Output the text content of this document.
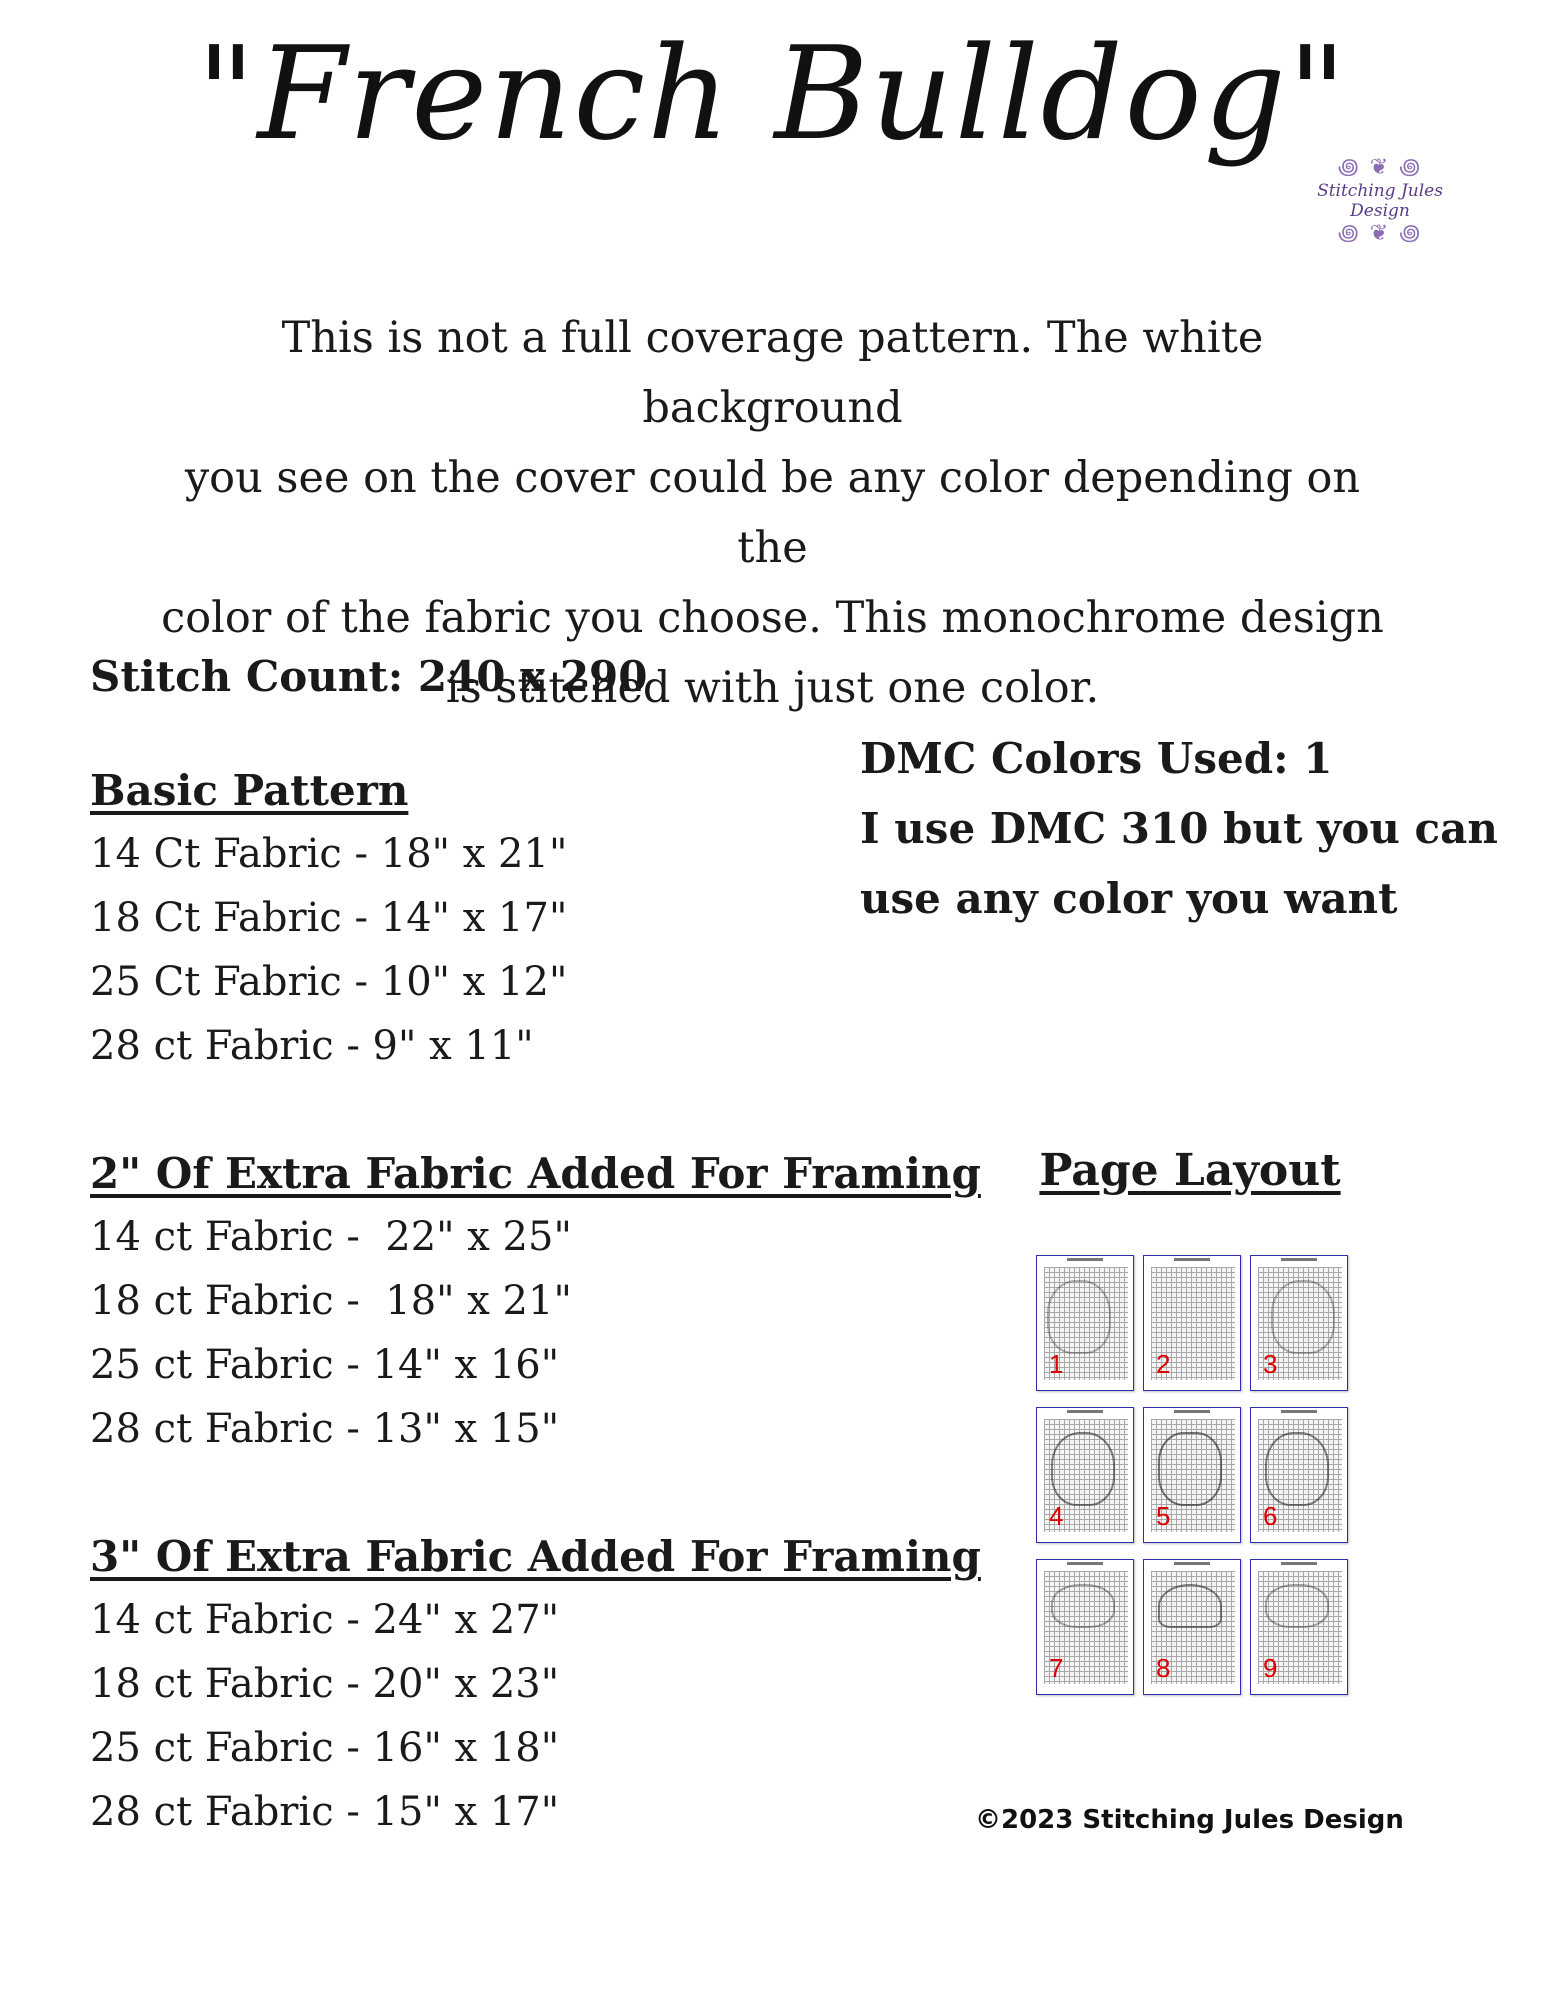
"French Bulldog"
꩜ ❦ ꩜
Stitching Jules Design
꩜ ❦ ꩜
This is not a full coverage pattern. The white background
you see on the cover could be any color depending on the
color of the fabric you choose. This monochrome design
is stitched with just one color.
Stitch Count: 240 x 290
DMC Colors Used: 1
I use DMC 310 but you can
use any color you want
Basic Pattern
14 Ct Fabric - 18" x 21"
18 Ct Fabric - 14" x 17"
25 Ct Fabric - 10" x 12"
28 ct Fabric - 9" x 11"
2" Of Extra Fabric Added For Framing
14 ct Fabric -  22" x 25"
18 ct Fabric -  18" x 21"
25 ct Fabric - 14" x 16"
28 ct Fabric - 13" x 15"
3" Of Extra Fabric Added For Framing
14 ct Fabric - 24" x 27"
18 ct Fabric - 20" x 23"
25 ct Fabric - 16" x 18"
28 ct Fabric - 15" x 17"
Page Layout
1	2	3
4	5	6
7	8	9
©2023 Stitching Jules Design
